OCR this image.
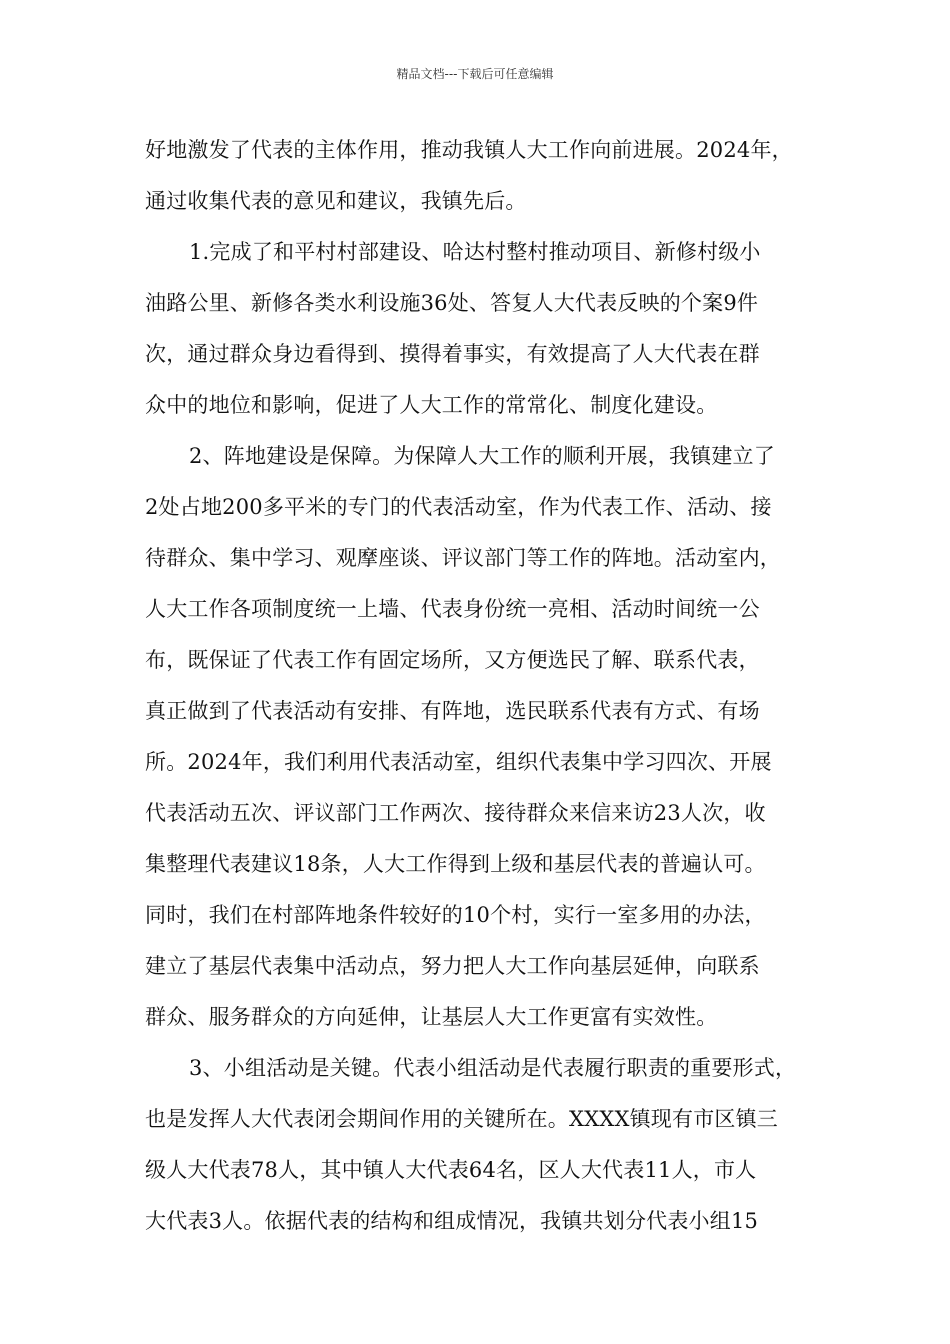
精品文档---下载后可任意编辑
好地激发了代表的主体作用，推动我镇人大工作向前进展。2024年，
通过收集代表的意见和建议，我镇先后。
1.完成了和平村村部建设、哈达村整村推动项目、新修村级小
油路公里、新修各类水利设施36处、答复人大代表反映的个案9件
次，通过群众身边看得到、摸得着事实，有效提高了人大代表在群
众中的地位和影响，促进了人大工作的常常化、制度化建设。
2、阵地建设是保障。为保障人大工作的顺利开展，我镇建立了
2处占地200多平米的专门的代表活动室，作为代表工作、活动、接
待群众、集中学习、观摩座谈、评议部门等工作的阵地。活动室内，
人大工作各项制度统一上墙、代表身份统一亮相、活动时间统一公
布，既保证了代表工作有固定场所，又方便选民了解、联系代表，
真正做到了代表活动有安排、有阵地，选民联系代表有方式、有场
所。2024年，我们利用代表活动室，组织代表集中学习四次、开展
代表活动五次、评议部门工作两次、接待群众来信来访23人次，收
集整理代表建议18条，人大工作得到上级和基层代表的普遍认可。
同时，我们在村部阵地条件较好的10个村，实行一室多用的办法，
建立了基层代表集中活动点，努力把人大工作向基层延伸，向联系
群众、服务群众的方向延伸，让基层人大工作更富有实效性。
3、小组活动是关键。代表小组活动是代表履行职责的重要形式，
也是发挥人大代表闭会期间作用的关键所在。XXXX镇现有市区镇三
级人大代表78人，其中镇人大代表64名，区人大代表11人，市人
大代表3人。依据代表的结构和组成情况，我镇共划分代表小组15
